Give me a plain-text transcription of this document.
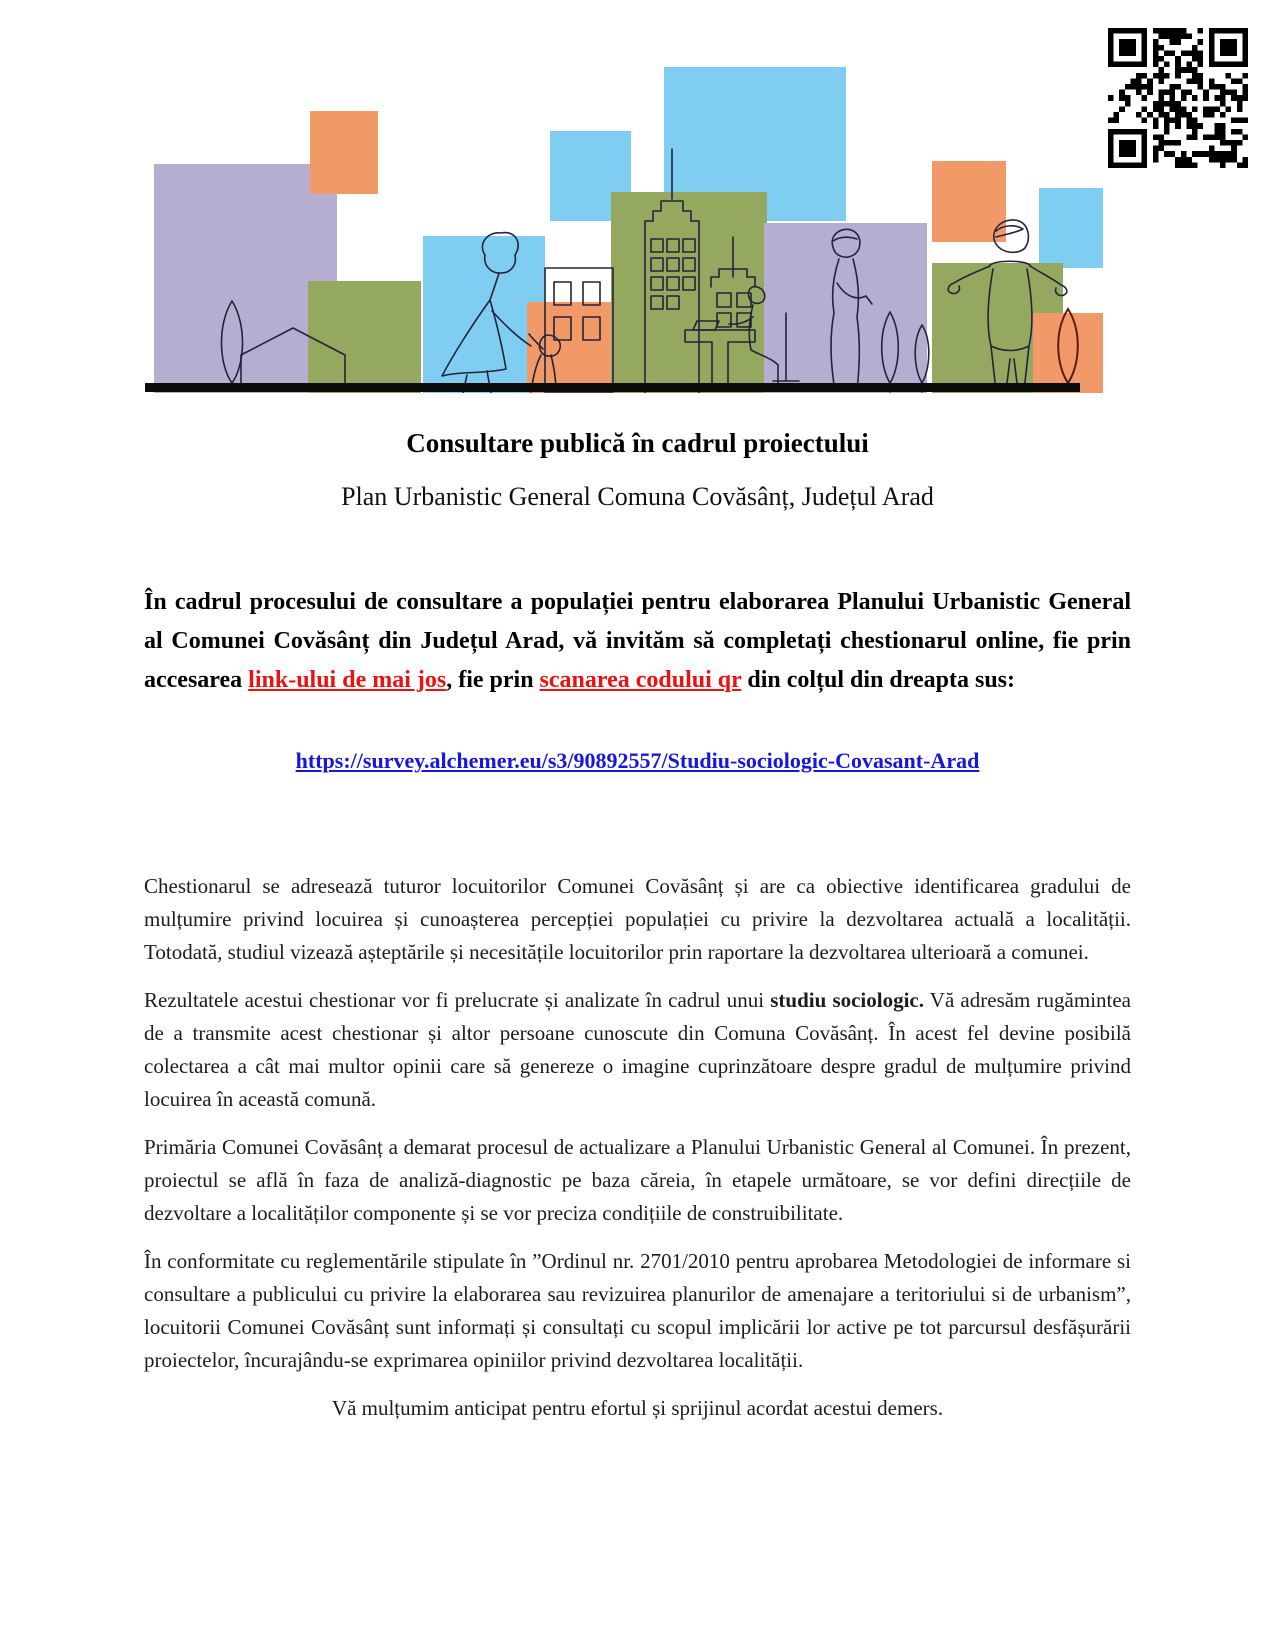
Consultare publică în cadrul proiectului
Plan Urbanistic General Comuna Covăsânț, Județul Arad
În cadrul procesului de consultare a populației pentru elaborarea Planului Urbanistic General al Comunei Covăsânț din Județul Arad, vă invităm să completați chestionarul online, fie prin accesarea link-ului de mai jos, fie prin scanarea codului qr din colțul din dreapta sus:
https://survey.alchemer.eu/s3/90892557/Studiu-sociologic-Covasant-Arad

Chestionarul se adresează tuturor locuitorilor Comunei Covăsânț și are ca obiective identificarea gradului de mulțumire privind locuirea și cunoașterea percepției populației cu privire la dezvoltarea actuală a localității. Totodată, studiul vizează așteptările și necesitățile locuitorilor prin raportare la dezvoltarea ulterioară a comunei.

Rezultatele acestui chestionar vor fi prelucrate și analizate în cadrul unui studiu sociologic. Vă adresăm rugămintea de a transmite acest chestionar și altor persoane cunoscute din Comuna Covăsânț. În acest fel devine posibilă colectarea a cât mai multor opinii care să genereze o imagine cuprinzătoare despre gradul de mulțumire privind locuirea în această comună.

Primăria Comunei Covăsânț a demarat procesul de actualizare a Planului Urbanistic General al Comunei. În prezent, proiectul se află în faza de analiză-diagnostic pe baza căreia, în etapele următoare, se vor defini direcțiile de dezvoltare a localităților componente și se vor preciza condițiile de construibilitate.

În conformitate cu reglementările stipulate în ”Ordinul nr. 2701/2010 pentru aprobarea Metodologiei de informare si consultare a publicului cu privire la elaborarea sau revizuirea planurilor de amenajare a teritoriului si de urbanism”, locuitorii Comunei Covăsânț sunt informați și consultați cu scopul implicării lor active pe tot parcursul desfășurării proiectelor, încurajându-se exprimarea opiniilor privind dezvoltarea localității.

Vă mulțumim anticipat pentru efortul și sprijinul acordat acestui demers.
